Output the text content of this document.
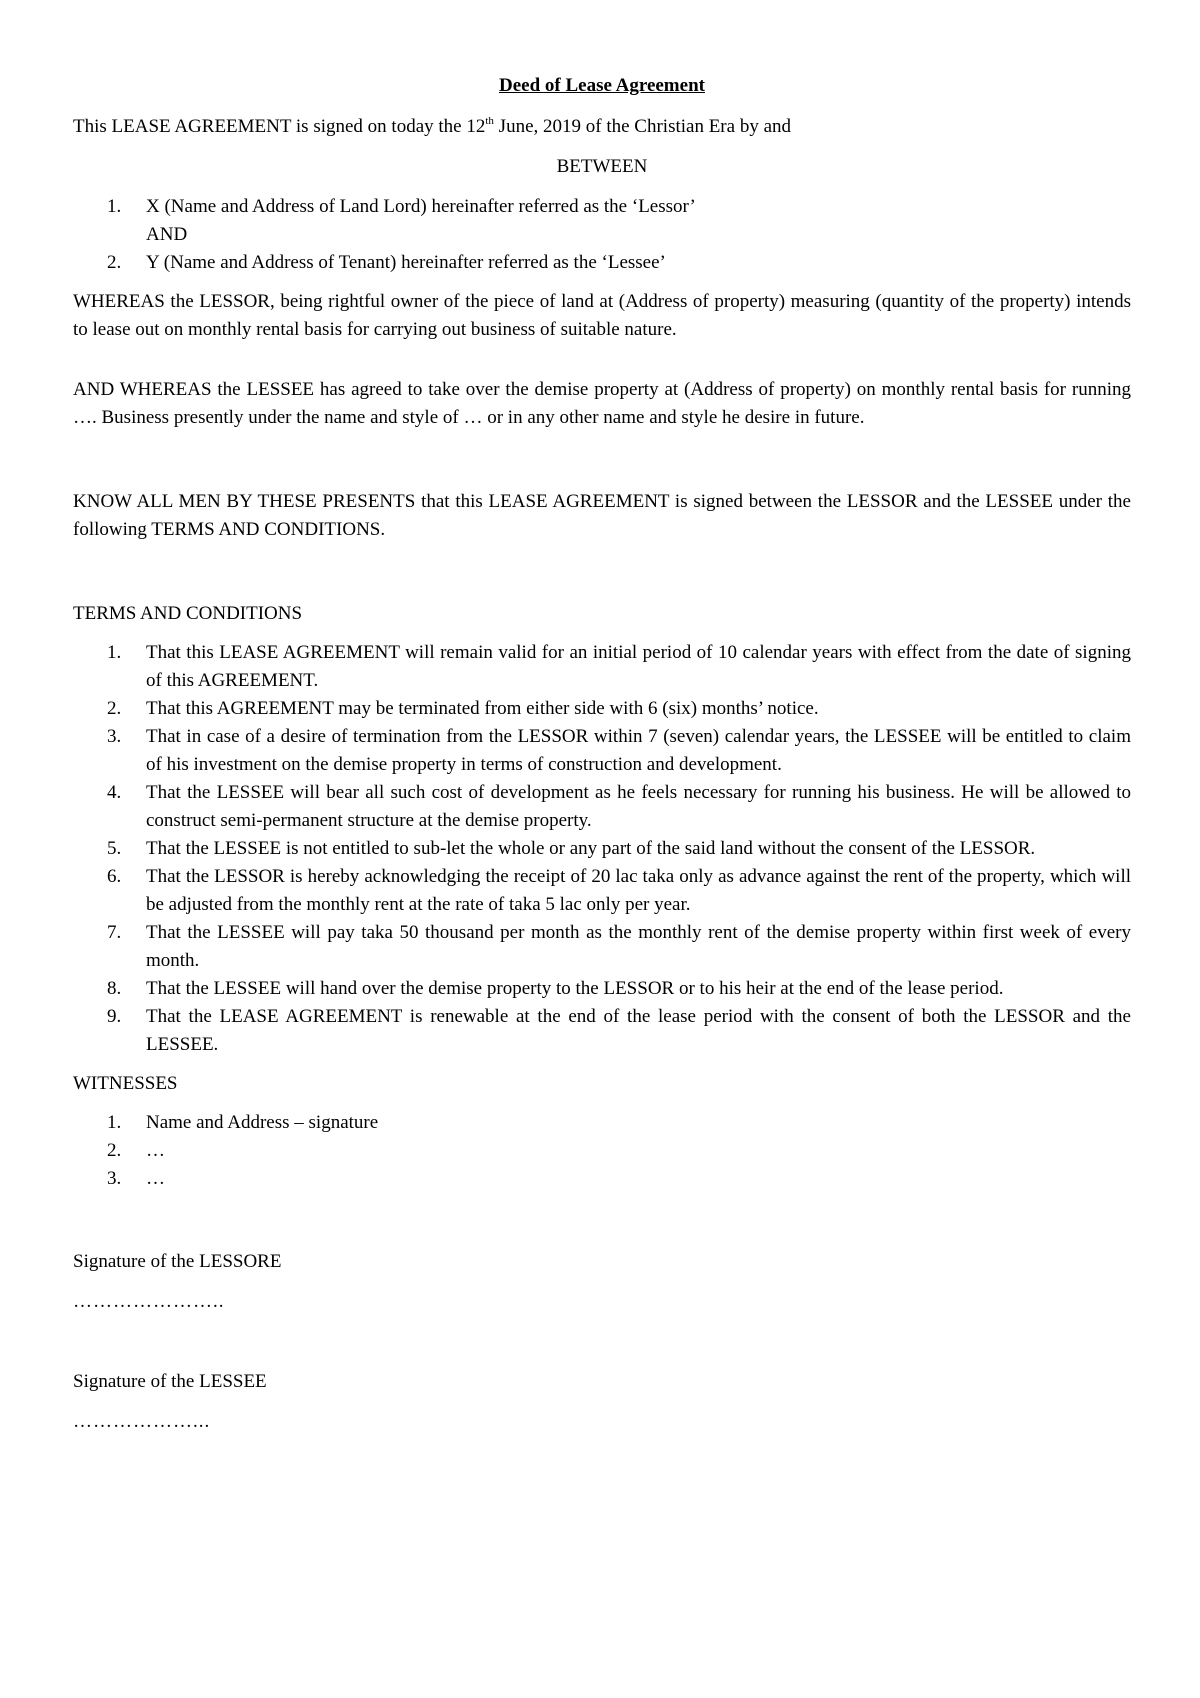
Deed of Lease Agreement

This LEASE AGREEMENT is signed on today the 12th June, 2019 of the Christian Era by and

BETWEEN
1.	X (Name and Address of Land Lord) hereinafter referred as the ‘Lessor’
AND
2.	Y (Name and Address of Tenant) hereinafter referred as the ‘Lessee’

WHEREAS the LESSOR, being rightful owner of the piece of land at (Address of property) measuring (quantity of the property) intends to lease out on monthly rental basis for carrying out business of suitable nature.

AND WHEREAS the LESSEE has agreed to take over the demise property at (Address of property) on monthly rental basis for running …. Business presently under the name and style of … or in any other name and style he desire in future.

KNOW ALL MEN BY THESE PRESENTS that this LEASE AGREEMENT is signed between the LESSOR and the LESSEE under the following TERMS AND CONDITIONS.

TERMS AND CONDITIONS

1.	That this LEASE AGREEMENT will remain valid for an initial period of 10 calendar years with effect from the date of signing of this AGREEMENT.
2.	That this AGREEMENT may be terminated from either side with 6 (six) months’ notice.
3.	That in case of a desire of termination from the LESSOR within 7 (seven) calendar years, the LESSEE will be entitled to claim of his investment on the demise property in terms of construction and development.
4.	That the LESSEE will bear all such cost of development as he feels necessary for running his business. He will be allowed to construct semi-permanent structure at the demise property.
5.	That the LESSEE is not entitled to sub-let the whole or any part of the said land without the consent of the LESSOR.
6.	That the LESSOR is hereby acknowledging the receipt of 20 lac taka only as advance against the rent of the property, which will be adjusted from the monthly rent at the rate of taka 5 lac only per year.
7.	That the LESSEE will pay taka 50 thousand per month as the monthly rent of the demise property within first week of every month.
8.	That the LESSEE will hand over the demise property to the LESSOR or to his heir at the end of the lease period.
9.	That the LEASE AGREEMENT is renewable at the end of the lease period with the consent of both the LESSOR and the LESSEE.

WITNESSES

1.	Name and Address – signature
2.	…
3.	…

Signature of the LESSORE

…………………..

Signature of the LESSEE

………………...
